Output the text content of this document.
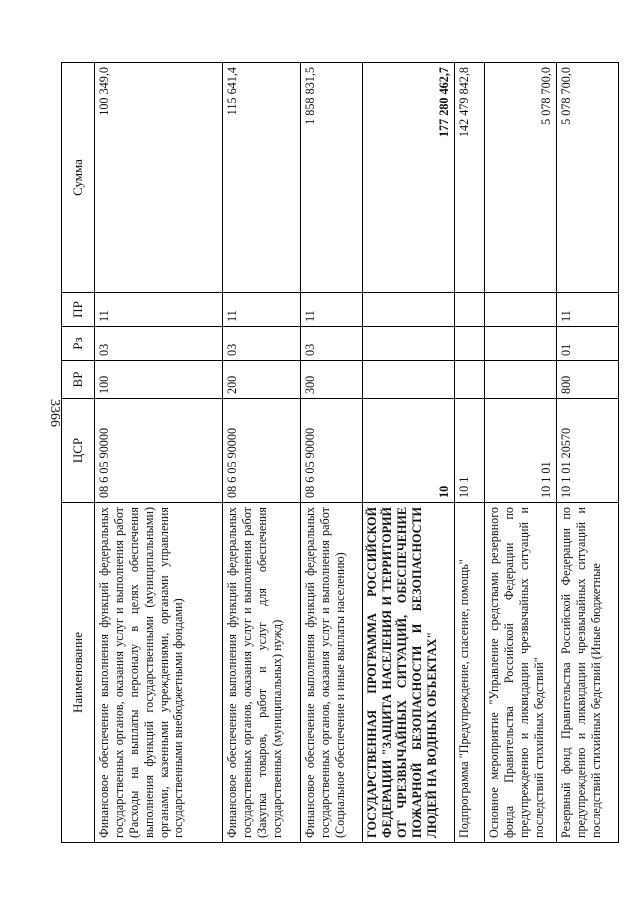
3366
Наименование	ЦСР	ВР	Рз	ПР	Сумма
Финансовое обеспечение выполнения функций федеральных государственных органов, оказания услуг и выполнения работ (Расходы на выплаты персоналу в целях обеспечения выполнения функций государственными (муниципальными) органами, казенными учреждениями, органами управления государственными внебюджетными фондами)	08 6 05 90000	100	03	11	100 349,0
Финансовое обеспечение выполнения функций федеральных государственных органов, оказания услуг и выполнения работ (Закупка товаров, работ и услуг для обеспечения государственных (муниципальных) нужд)	08 6 05 90000	200	03	11	115 641,4
Финансовое обеспечение выполнения функций федеральных государственных органов, оказания услуг и выполнения работ (Социальное обеспечение и иные выплаты населению)	08 6 05 90000	300	03	11	1 858 831,5
ГОСУДАРСТВЕННАЯ ПРОГРАММА РОССИЙСКОЙ ФЕДЕРАЦИИ "ЗАЩИТА НАСЕЛЕНИЯ И ТЕРРИТОРИЙ ОТ ЧРЕЗВЫЧАЙНЫХ СИТУАЦИЙ, ОБЕСПЕЧЕНИЕ ПОЖАРНОЙ БЕЗОПАСНОСТИ И БЕЗОПАСНОСТИ ЛЮДЕЙ НА ВОДНЫХ ОБЪЕКТАХ"	10				177 280 462,7
Подпрограмма "Предупреждение, спасение, помощь"	10 1				142 479 842,8
Основное мероприятие "Управление средствами резервного фонда Правительства Российской Федерации по предупреждению и ликвидации чрезвычайных ситуаций и последствий стихийных бедствий"	10 1 01				5 078 700,0
Резервный фонд Правительства Российской Федерации по предупреждению и ликвидации чрезвычайных ситуаций и последствий стихийных бедствий (Иные бюджетные	10 1 01 20570	800	01	11	5 078 700,0
